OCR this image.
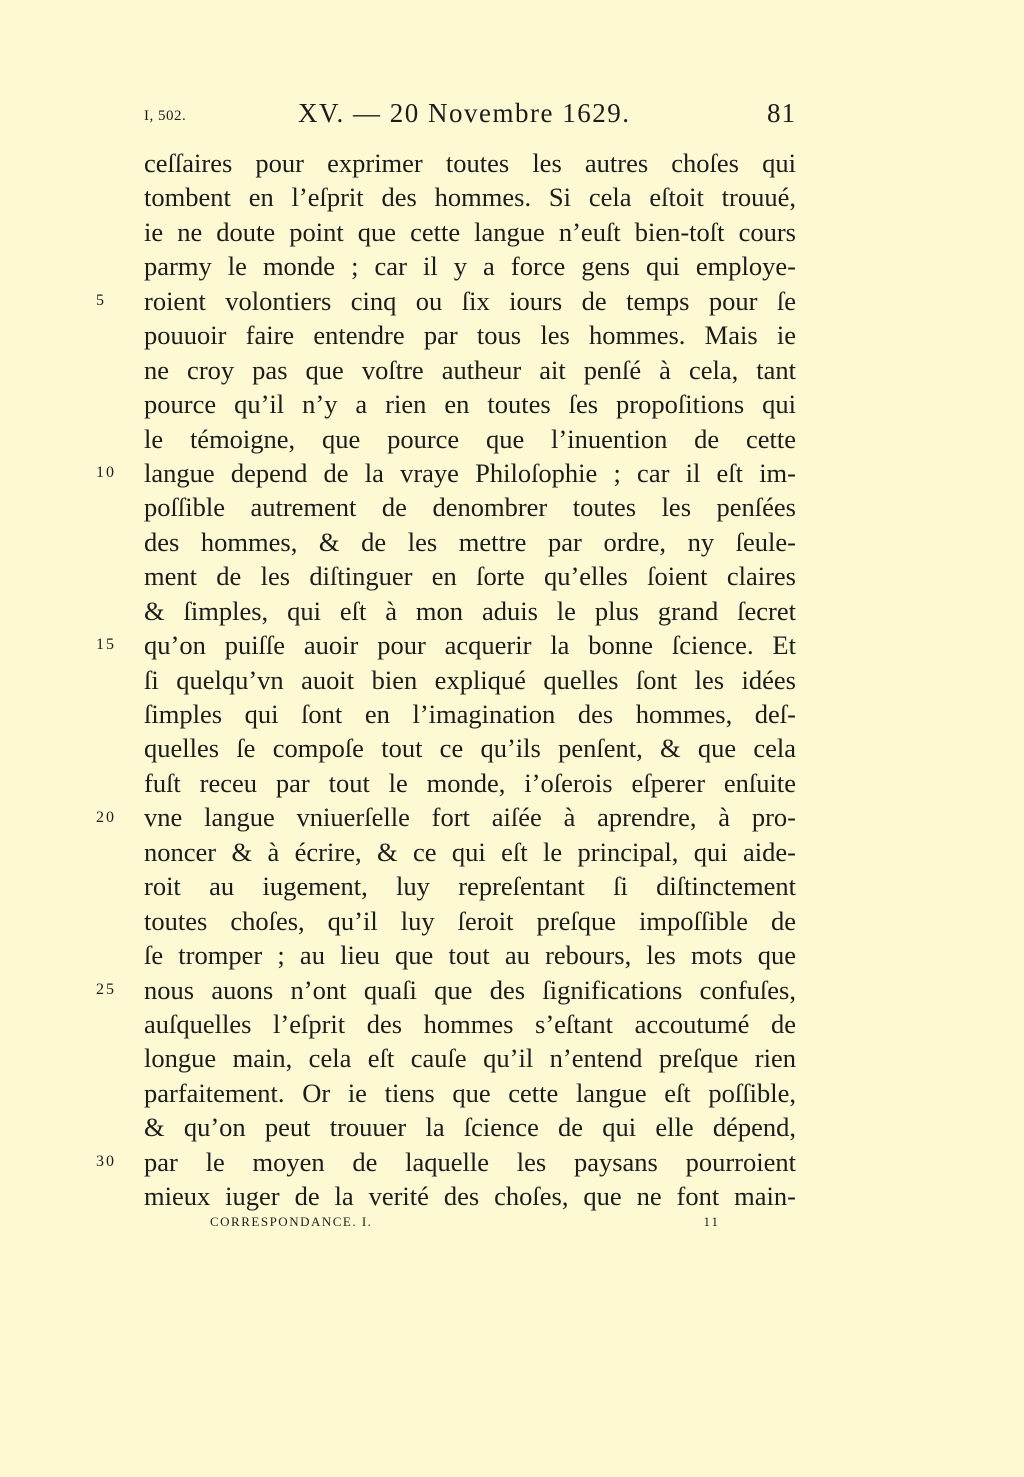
I, 502.	XV. — 20 Novembre 1629.	81
5
10
15
20
25
30
ceſſaires pour exprimer toutes les autres choſes qui
tombent en l’eſprit des hommes. Si cela eſtoit trouué,
ie ne doute point que cette langue n’euſt bien-toſt cours
parmy le monde ; car il y a force gens qui employe-
roient volontiers cinq ou ſix iours de temps pour ſe
pouuoir faire entendre par tous les hommes. Mais ie
ne croy pas que voſtre autheur ait penſé à cela, tant
pource qu’il n’y a rien en toutes ſes propoſitions qui
le témoigne, que pource que l’inuention de cette
langue depend de la vraye Philoſophie ; car il eſt im-
poſſible autrement de denombrer toutes les penſées
des hommes, & de les mettre par ordre, ny ſeule-
ment de les diſtinguer en ſorte qu’elles ſoient claires
& ſimples, qui eſt à mon aduis le plus grand ſecret
qu’on puiſſe auoir pour acquerir la bonne ſcience. Et
ſi quelqu’vn auoit bien expliqué quelles ſont les idées
ſimples qui ſont en l’imagination des hommes, deſ-
quelles ſe compoſe tout ce qu’ils penſent, & que cela
fuſt receu par tout le monde, i’oſerois eſperer enſuite
vne langue vniuerſelle fort aiſée à aprendre, à pro-
noncer & à écrire, & ce qui eſt le principal, qui aide-
roit au iugement, luy repreſentant ſi diſtinctement
toutes choſes, qu’il luy ſeroit preſque impoſſible de
ſe tromper ; au lieu que tout au rebours, les mots que
nous auons n’ont quaſi que des ſignifications confuſes,
auſquelles l’eſprit des hommes s’eſtant accoutumé de
longue main, cela eſt cauſe qu’il n’entend preſque rien
parfaitement. Or ie tiens que cette langue eſt poſſible,
& qu’on peut trouuer la ſcience de qui elle dépend,
par le moyen de laquelle les paysans pourroient
mieux iuger de la verité des choſes, que ne font main-
CORRESPONDANCE. I.	11
